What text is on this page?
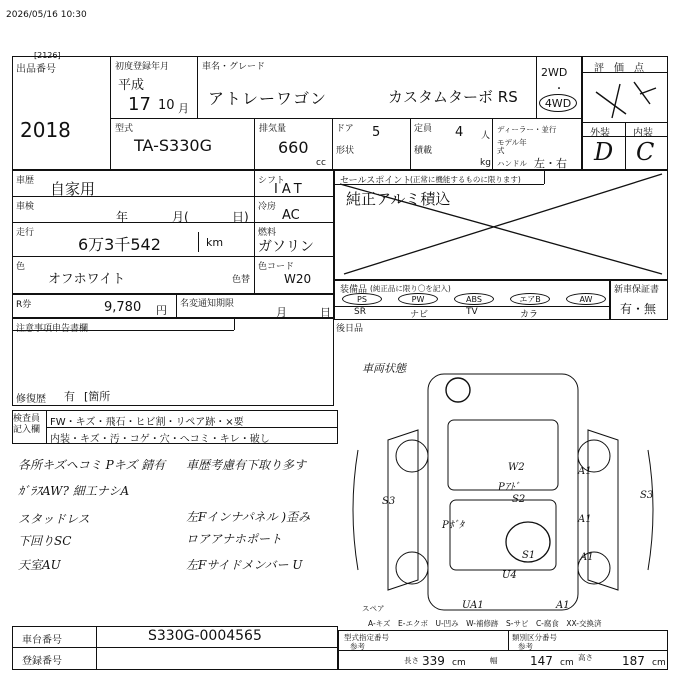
2026/05/16 10:30
出品番号
[2126]
2018
初度登録年月
平成
17 10 月
車名・グレード
アトレーワゴン	カスタムターボ RS
2WD
・
4WD
型式
TA-S330G
排気量
660
cc
ドア 5
形状
定員 4 人
積載
kg
ディーラー・並行
モデル年式
ハンドル 左・右
評　価　点
外装 内装
D C
車歴 自家用
車検
年	月(	日)
走行
6万3千542	km
色
オフホワイト	色替
シフト
IAT
冷房
AC
燃料
ガソリン
色コード
W20
R券	9,780 円 名変通知期限
月	日
注意事項申告書欄
修復歴 有 [箇所
検査員記入欄
FW・キズ・飛石・ヒビ割・リペア跡・×要
内装・キズ・汚・コゲ・穴・へコミ・キレ・破し
各所キズヘコミ Pキズ 錆有
ｶﾞﾗｽAW? 細工ナシA
スタッドレス
下回りSC
天室AU
車歴考慮有下取り多す
左Fインナパネル )歪み
ロアアナホポート
左Fサイドメンバー U
セールスポイント
(正常に機能するものに限ります)
純正アルミ積込
装備品 (純正品に限り〇を記入)
PS	PW	ABS	エアB	AW
SR	ナビ	TV	カラ
後日品
新車保証書
有・無
車両状態
W2
Pｱﾄﾞ
S2
A1
A1
A1
S3
S3
Pﾎﾞﾀ
S1
U4
UA1	A1
スペア
A-キズ　E-エクボ　U-凹み　W-補修跡　S-サビ　C-腐食　XX-交換済
車台番号	S330G-0004565
登録番号
型式指定番号
参考
類別区分番号
参考
長さ 339 cm	幅	147 cm
高さ 187 cm
